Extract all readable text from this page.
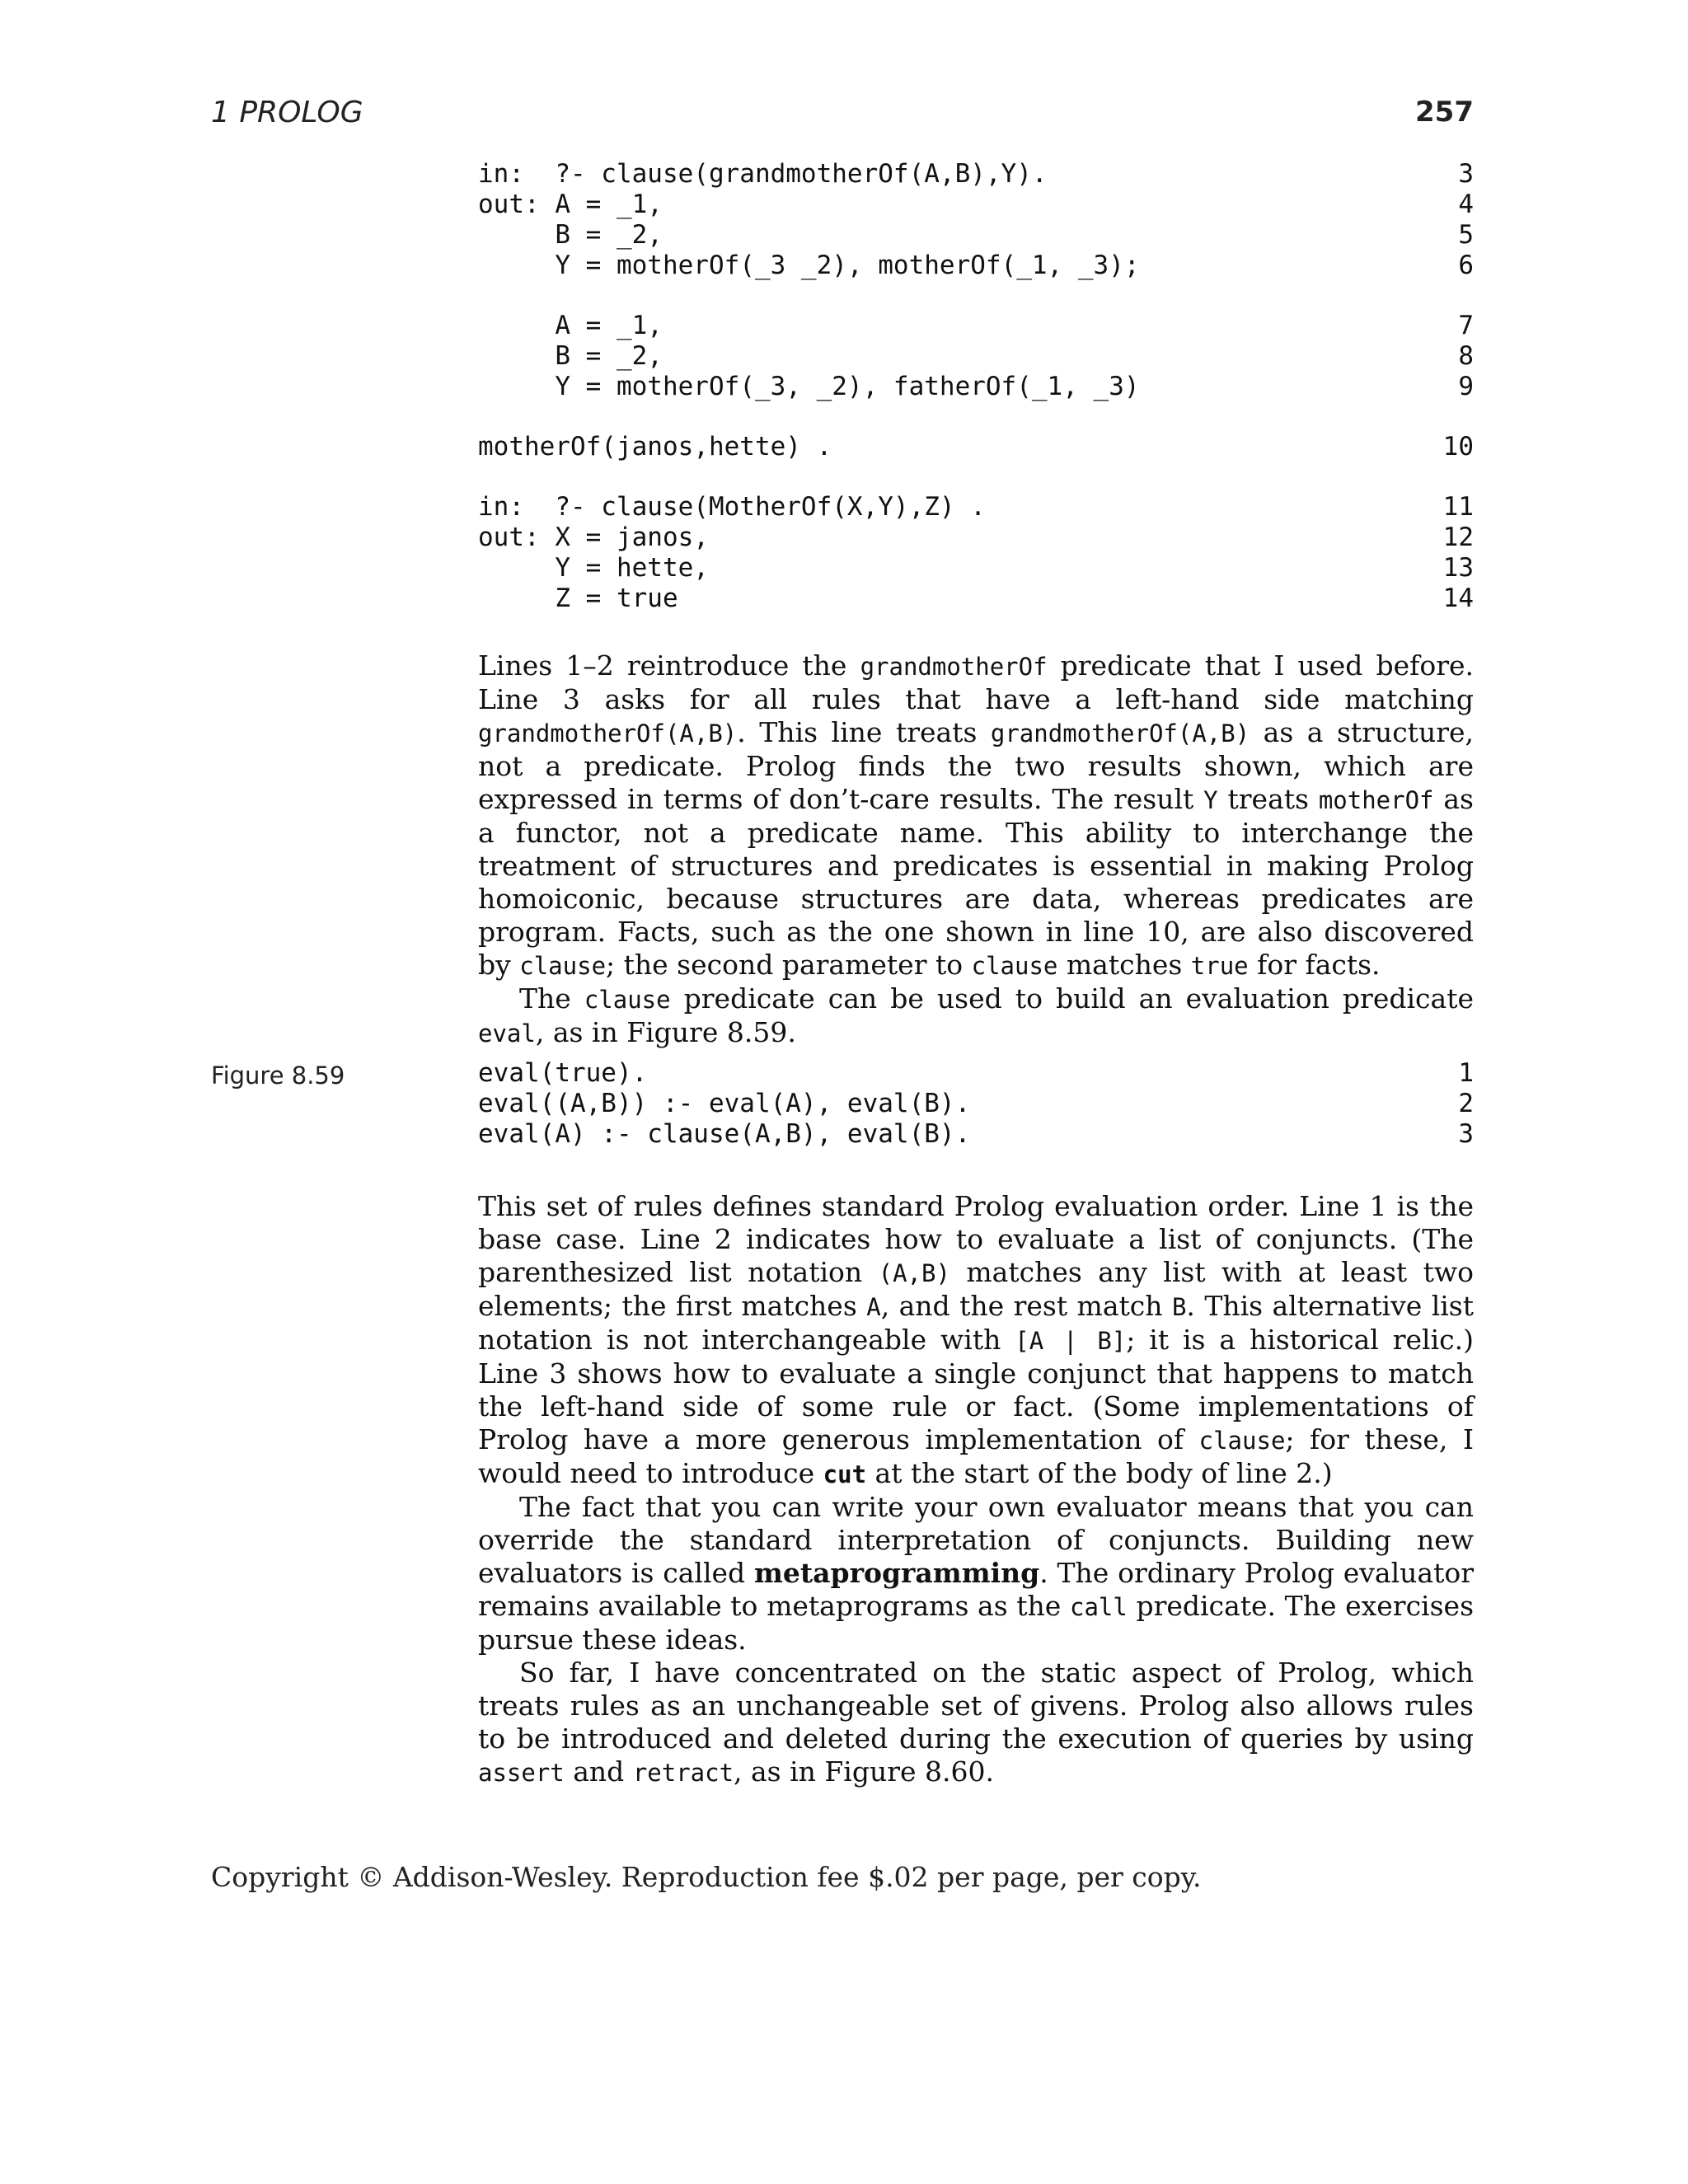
1 PROLOG	257
in:  ?- clause(grandmotherOf(A,B),Y).	3
out: A = _1,	4
B = _2,	5
Y = motherOf(_3 _2), motherOf(_1, _3);	6
A = _1,	7
B = _2,	8
Y = motherOf(_3, _2), fatherOf(_1, _3)	9
motherOf(janos,hette) .	10
in:  ?- clause(MotherOf(X,Y),Z) .	11
out: X = janos,	12
Y = hette,	13
Z = true	14

Lines 1–2 reintroduce the grandmotherOf predicate that I used before. Line 3 asks for all rules that have a left-hand side matching grandmotherOf(A,B). This line treats grandmotherOf(A,B) as a structure, not a predicate. Prolog finds the two results shown, which are expressed in terms of don’t-care results. The result Y treats motherOf as a functor, not a predicate name. This ability to interchange the treatment of structures and predicates is essential in making Prolog homoiconic, because structures are data, whereas predicates are program. Facts, such as the one shown in line 10, are also discovered by clause; the second parameter to clause matches true for facts.

The clause predicate can be used to build an evaluation predicate eval, as in Figure 8.59.

Figure 8.59	eval(true).	1
eval((A,B)) :- eval(A), eval(B).	2
eval(A) :- clause(A,B), eval(B).	3

This set of rules defines standard Prolog evaluation order. Line 1 is the base case. Line 2 indicates how to evaluate a list of conjuncts. (The parenthesized list notation (A,B) matches any list with at least two elements; the first matches A, and the rest match B. This alternative list notation is not interchangeable with [A | B]; it is a historical relic.) Line 3 shows how to evaluate a single conjunct that happens to match the left-hand side of some rule or fact. (Some implementations of Prolog have a more generous implementation of clause; for these, I would need to introduce cut at the start of the body of line 2.)

The fact that you can write your own evaluator means that you can override the standard interpretation of conjuncts. Building new evaluators is called metaprogramming. The ordinary Prolog evaluator remains available to metaprograms as the call predicate. The exercises pursue these ideas.

So far, I have concentrated on the static aspect of Prolog, which treats rules as an unchangeable set of givens. Prolog also allows rules to be introduced and deleted during the execution of queries by using assert and retract, as in Figure 8.60.

Copyright © Addison-Wesley. Reproduction fee $.02 per page, per copy.
